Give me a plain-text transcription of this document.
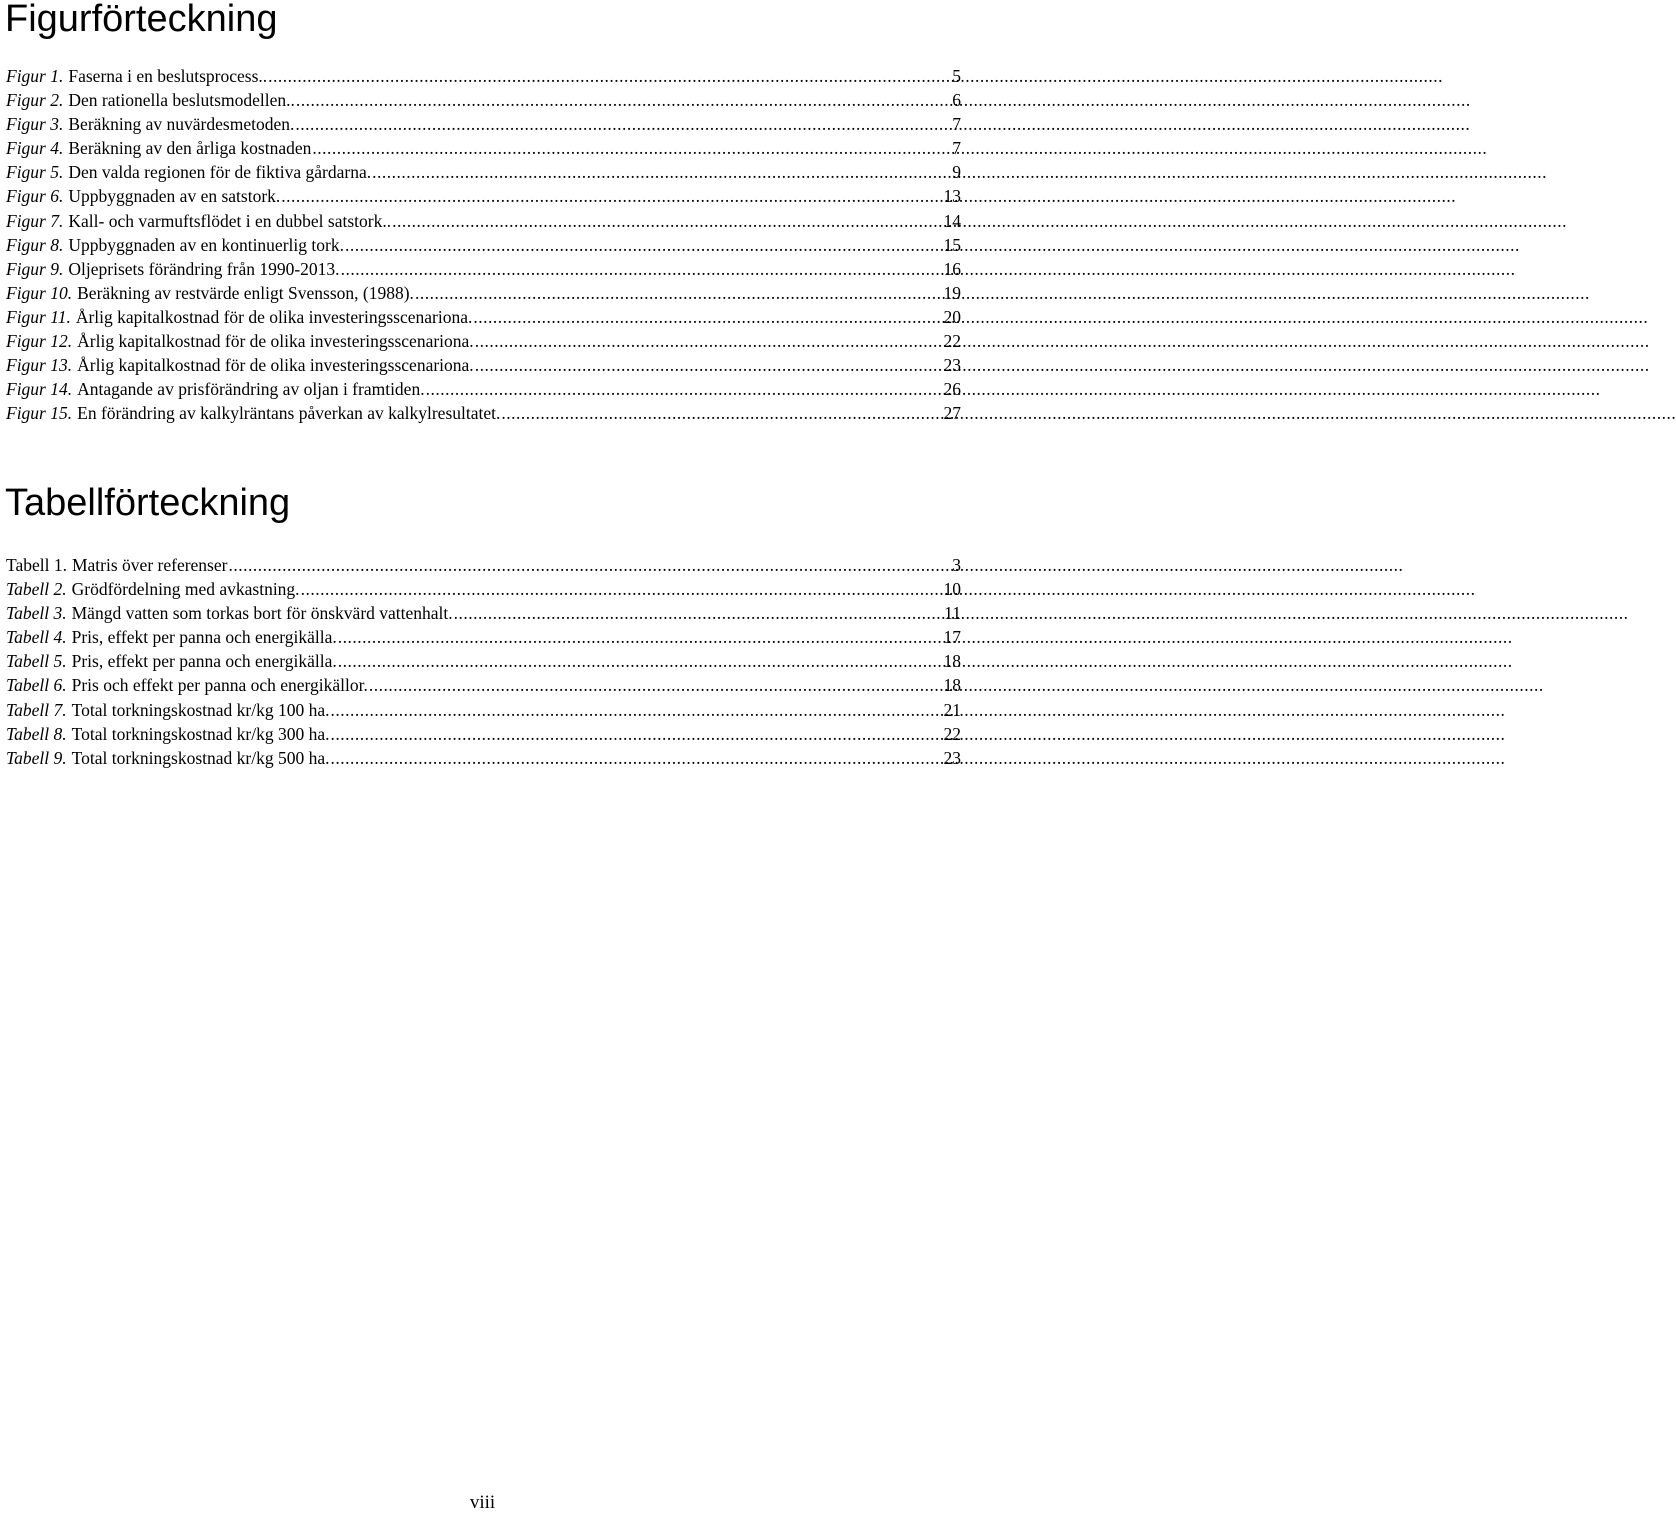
Figurförteckning
Figur 1. Faserna i en beslutsprocess.. .....	5
Figur 2. Den rationella beslutsmodellen.. .....	6
Figur 3. Beräkning av nuvärdesmetoden. .....	7
Figur 4. Beräkning av den årliga kostnaden .....	7
Figur 5. Den valda regionen för de fiktiva gårdarna. .....	9
Figur 6. Uppbyggnaden av en satstork. .....	13
Figur 7. Kall- och varmuftsflödet i en dubbel satstork.. .....	14
Figur 8. Uppbyggnaden av en kontinuerlig tork. .....	15
Figur 9. Oljeprisets förändring från 1990-2013. .....	16
Figur 10. Beräkning av restvärde enligt Svensson, (1988). .....	19
Figur 11. Årlig kapitalkostnad för de olika investeringsscenariona. .....	20
Figur 12. Årlig kapitalkostnad för de olika investeringsscenariona. .....	22
Figur 13. Årlig kapitalkostnad för de olika investeringsscenariona. .....	23
Figur 14. Antagande av prisförändring av oljan i framtiden. .....	26
Figur 15. En förändring av kalkylräntans påverkan av kalkylresultatet. .....	27
Tabellförteckning
Tabell 1. Matris över referenser .....	3
Tabell 2. Grödfördelning med avkastning. .....	10
Tabell 3. Mängd vatten som torkas bort för önskvärd vattenhalt. .....	11
Tabell 4. Pris, effekt per panna och energikälla. .....	17
Tabell 5. Pris, effekt per panna och energikälla. .....	18
Tabell 6. Pris och effekt per panna och energikällor. .....	18
Tabell 7. Total torkningskostnad kr/kg 100 ha. .....	21
Tabell 8. Total torkningskostnad kr/kg 300 ha. .....	22
Tabell 9. Total torkningskostnad kr/kg 500 ha. .....	23
viii
